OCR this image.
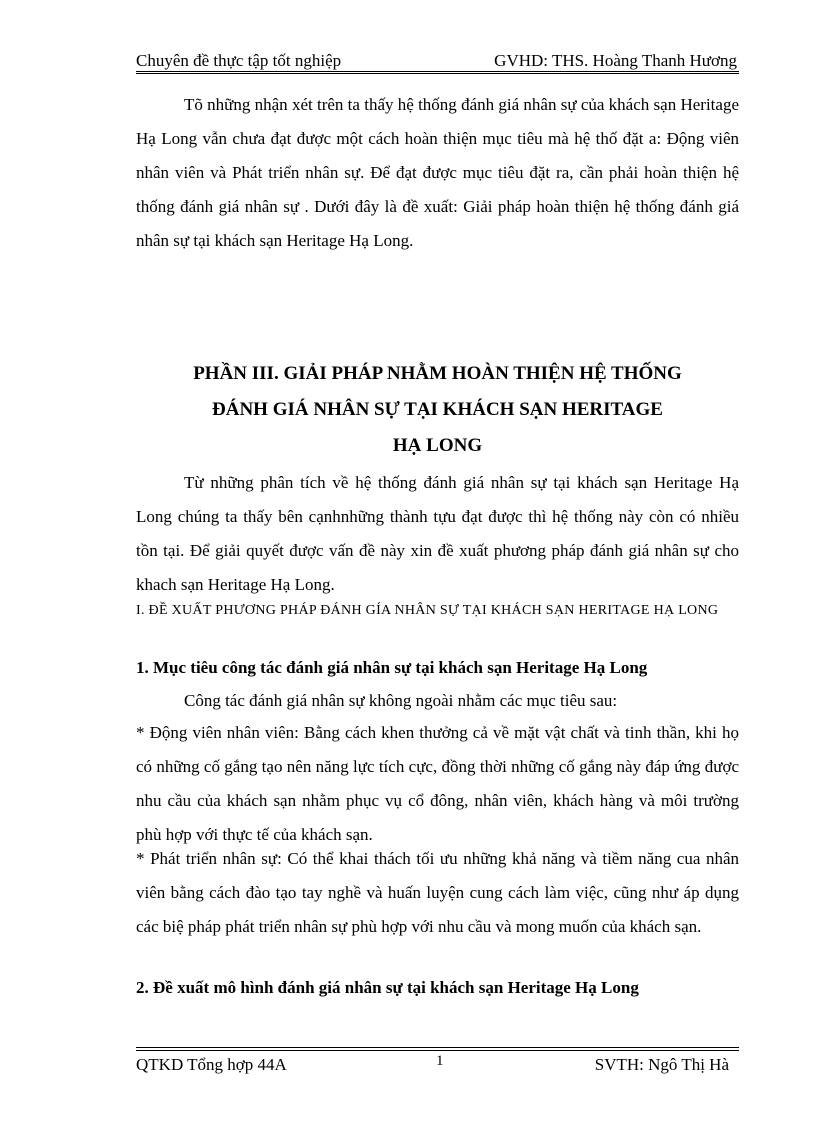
Chuyên đề thực tập tốt nghiệp	GVHD: THS. Hoàng Thanh Hương

Tõ những nhận xét trên ta thấy hệ thống đánh giá nhân sự của khách sạn Heritage Hạ Long vẫn chưa đạt được một cách hoàn thiện mục tiêu mà hệ thố đặt a: Động viên nhân viên và Phát triển nhân sự. Để đạt được mục tiêu đặt ra, cần phải hoàn thiện hệ thống đánh giá nhân sự . Dưới đây là đề xuất: Giải pháp hoàn thiện hệ thống đánh giá nhân sự tại khách sạn Heritage Hạ Long.

PHẦN III. GIẢI PHÁP NHẰM HOÀN THIỆN HỆ THỐNG
ĐÁNH GIÁ NHÂN SỰ TẠI KHÁCH SẠN HERITAGE
HẠ LONG

Từ những phân tích về hệ thống đánh giá nhân sự tại khách sạn Heritage Hạ Long chúng ta thấy bên cạnhnhững thành tựu đạt được thì hệ thống này còn có nhiều tồn tại. Để giải quyết được vấn đề này xin đề xuất phương pháp đánh giá nhân sự cho khach sạn Heritage Hạ Long.

I. ĐỀ XUẤT PHƯƠNG PHÁP ĐÁNH GÍA NHÂN SỰ TẠI KHÁCH SẠN HERITAGE HẠ LONG

1. Mục tiêu công tác đánh giá nhân sự tại khách sạn Heritage Hạ Long

Công tác đánh giá nhân sự không ngoài nhằm các mục tiêu sau:

* Động viên nhân viên: Bằng cách khen thưởng cả về mặt vật chất và tinh thần, khi họ có những cố gắng tạo nên năng lực tích cực, đồng thời những cố gắng này đáp ứng được nhu cầu của khách sạn nhằm phục vụ cổ đông, nhân viên, khách hàng và môi trường phù hợp với thực tế của khách sạn.

* Phát triển nhân sự: Có thể khai thách tối ưu những khả năng và tiềm năng cua nhân viên bằng cách đào tạo tay nghề và huấn luyện cung cách làm việc, cũng như áp dụng các biệ pháp phát triển nhân sự phù hợp với nhu cầu và mong muốn của khách sạn.

2. Đề xuất mô hình đánh giá nhân sự tại khách sạn Heritage Hạ Long

QTKD Tổng hợp 44A	1	SVTH: Ngô Thị Hà
